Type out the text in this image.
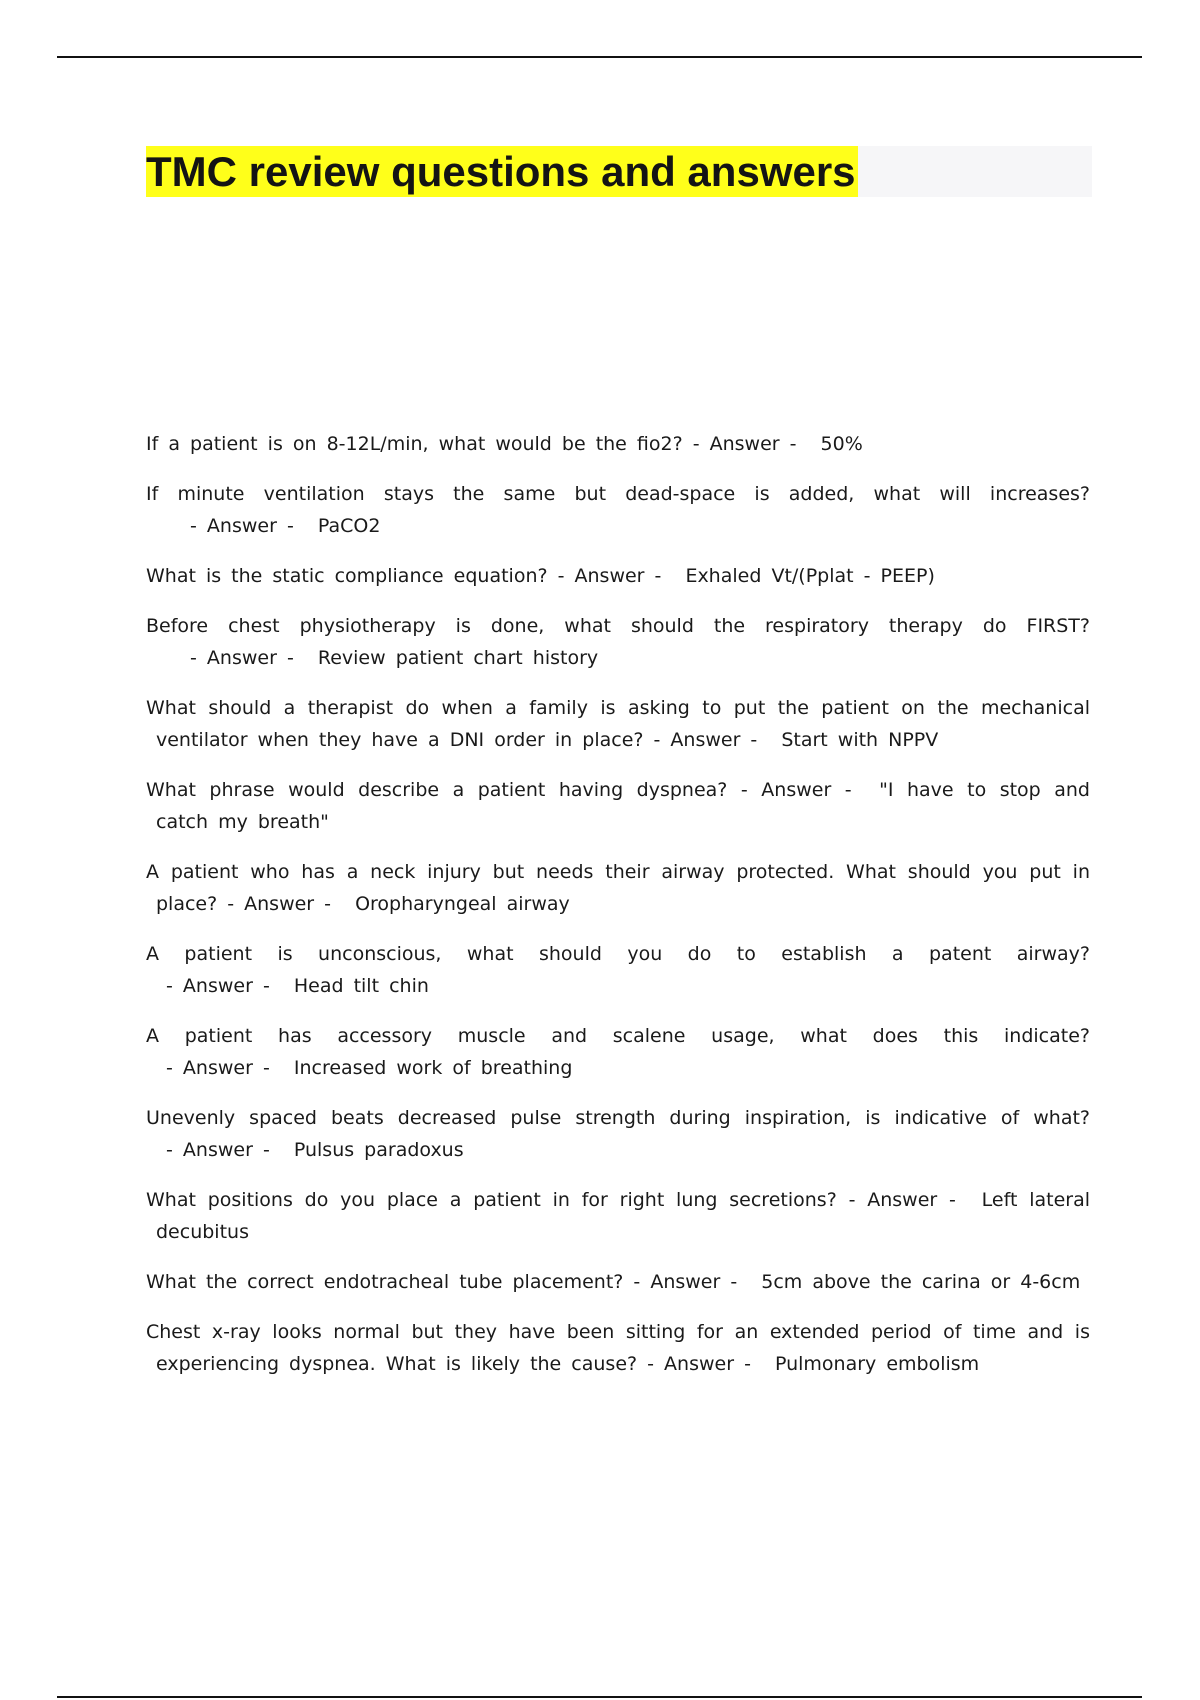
TMC review questions and answers

If a patient is on 8-12L/min, what would be the fio2? - Answer - 50%

If minute ventilation stays the same but dead-space is added, what will increases? - Answer - PaCO2

What is the static compliance equation? - Answer - Exhaled Vt/(Pplat - PEEP)

Before chest physiotherapy is done, what should the respiratory therapy do FIRST? - Answer - Review patient chart history

What should a therapist do when a family is asking to put the patient on the mechanical ventilator when they have a DNI order in place? - Answer - Start with NPPV

What phrase would describe a patient having dyspnea? - Answer - "I have to stop and catch my breath"

A patient who has a neck injury but needs their airway protected. What should you put in place? - Answer - Oropharyngeal airway

A patient is unconscious, what should you do to establish a patent airway? - Answer - Head tilt chin

A patient has accessory muscle and scalene usage, what does this indicate? - Answer - Increased work of breathing

Unevenly spaced beats decreased pulse strength during inspiration, is indicative of what? - Answer - Pulsus paradoxus

What positions do you place a patient in for right lung secretions? - Answer - Left lateral decubitus

What the correct endotracheal tube placement? - Answer - 5cm above the carina or 4-6cm

Chest x-ray looks normal but they have been sitting for an extended period of time and is experiencing dyspnea. What is likely the cause? - Answer - Pulmonary embolism
